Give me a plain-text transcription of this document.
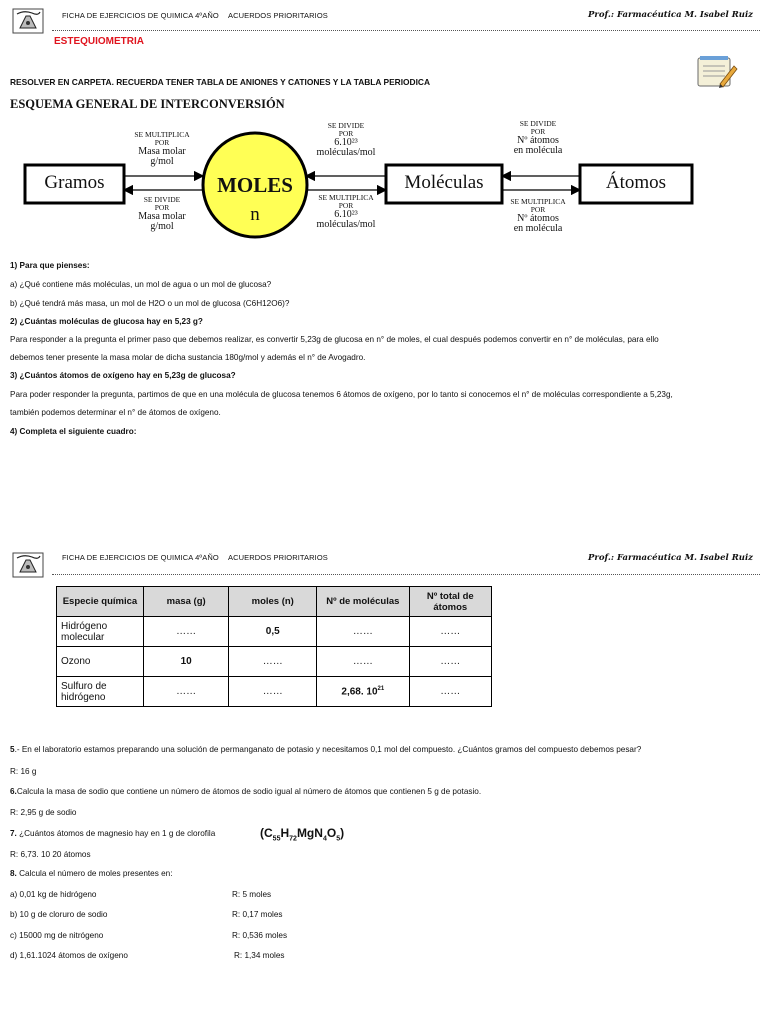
FICHA DE EJERCICIOS DE QUIMICA 4ºAÑO ACUERDOS PRIORITARIOS	Prof.: Farmacéutica M. Isabel Ruiz
ESTEQUIOMETRIA
RESOLVER EN CARPETA. RECUERDA TENER TABLA DE ANIONES Y CATIONES Y LA TABLA PERIODICA
ESQUEMA GENERAL DE INTERCONVERSIÓN
Gramos	MOLES
n
Moléculas	Átomos
SE MULTIPLICA
POR
Masa molar
g/mol
SE DIVIDE
POR
Masa molar
g/mol
SE DIVIDE
POR
6.10²³
moléculas/mol
SE MULTIPLICA
POR
6.10²³
moléculas/mol
SE DIVIDE
POR
Nº átomos
en molécula
SE MULTIPLICA
POR
Nº átomos
en molécula
1) Para que pienses:
a) ¿Qué contiene más moléculas, un mol de agua o un mol de glucosa?
b) ¿Qué tendrá más masa, un mol de H2O o un mol de glucosa (C6H12O6)?
2) ¿Cuántas moléculas de glucosa hay en 5,23 g?
Para responder a la pregunta el primer paso que debemos realizar, es convertir 5,23g de glucosa en n° de moles, el cual después podemos convertir en n° de moléculas, para ello
debemos tener presente la masa molar de dicha sustancia 180g/mol y además el n° de Avogadro.
3) ¿Cuántos átomos de oxígeno hay en 5,23g de glucosa?
Para poder responder la pregunta, partimos de que en una molécula de glucosa tenemos 6 átomos de oxígeno, por lo tanto si conocemos el n° de moléculas correspondiente a 5,23g,
también podemos determinar el n° de átomos de oxígeno.
4) Completa el siguiente cuadro:
FICHA DE EJERCICIOS DE QUIMICA 4ºAÑO ACUERDOS PRIORITARIOS	Prof.: Farmacéutica M. Isabel Ruiz
Especie química	masa (g)	moles (n)	Nº de moléculas	Nº total de átomos
Hidrógeno molecular	……	0,5	……	……
Ozono	10	……	……	……
Sulfuro de hidrógeno	……	……	2,68. $10^{21}$	……
5.- En el laboratorio estamos preparando una solución de permanganato de potasio y necesitamos 0,1 mol del compuesto. ¿Cuántos gramos del compuesto debemos pesar?
R: 16 g
6.Calcula la masa de sodio que contiene un número de átomos de sodio igual al número de átomos que contienen 5 g de potasio.
R: 2,95 g de sodio
7. ¿Cuántos átomos de magnesio hay en 1 g de clorofila	$(C_{55}H_{72}MgN_4O_5)$
R: 6,73. 10 20 átomos
8. Calcula el número de moles presentes en:
a) 0,01 kg de hidrógeno	R: 5 moles
b) 10 g de cloruro de sodio	R: 0,17 moles
c) 15000 mg de nitrógeno	R: 0,536 moles
d) 1,61.1024 átomos de oxígeno	R: 1,34 moles
